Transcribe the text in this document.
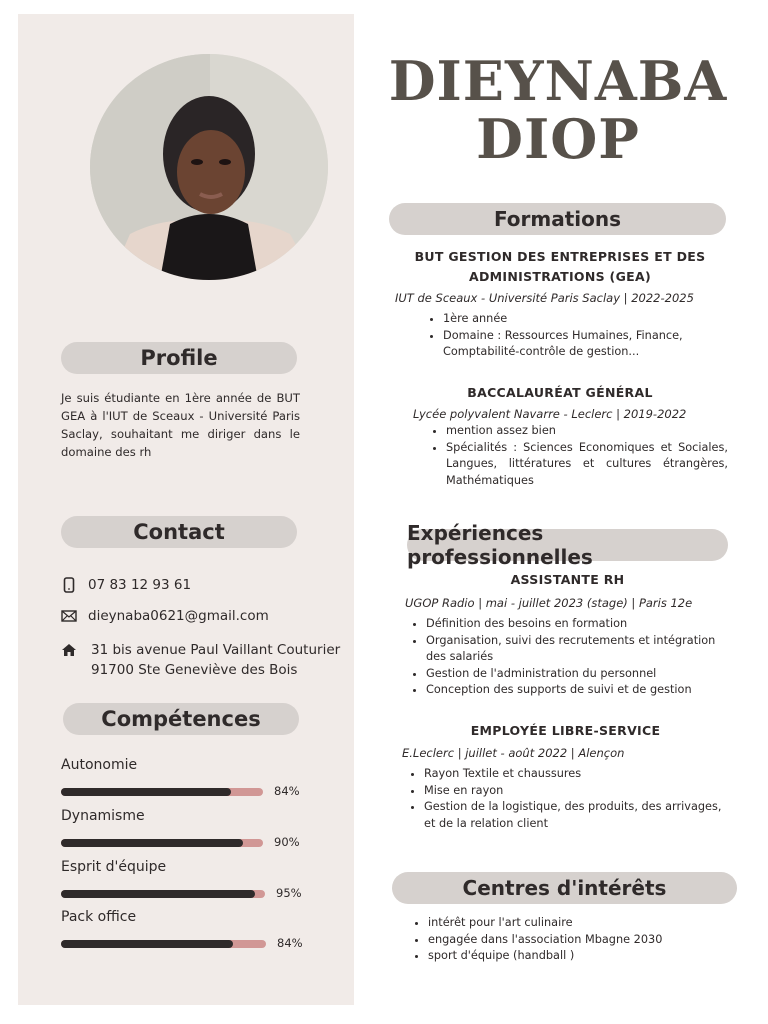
DIEYNABA
DIOP
Profile
Je suis étudiante en 1ère année de BUT GEA à l'IUT de Sceaux - Université Paris Saclay, souhaitant me diriger dans le domaine des rh
Contact
07 83 12 93 61
dieynaba0621@gmail.com
31 bis avenue Paul Vaillant Couturier
91700 Ste Geneviève des Bois
Compétences
Autonomie
84%
Dynamisme
90%
Esprit d'équipe
95%
Pack office
84%
Formations
BUT GESTION DES ENTREPRISES ET DES
ADMINISTRATIONS (GEA)
IUT de Sceaux - Université Paris Saclay | 2022-2025
• 1ère année
• Domaine : Ressources Humaines, Finance, Comptabilité-contrôle de gestion...
BACCALAURÉAT GÉNÉRAL
Lycée polyvalent Navarre - Leclerc | 2019-2022
• mention assez bien
• Spécialités : Sciences Economiques et Sociales, Langues, littératures et cultures étrangères, Mathématiques
Expériences professionnelles
ASSISTANTE RH
UGOP Radio | mai - juillet 2023 (stage) | Paris 12e
• Définition des besoins en formation
• Organisation, suivi des recrutements et intégration des salariés
• Gestion de l'administration du personnel
• Conception des supports de suivi et de gestion
EMPLOYÉE LIBRE-SERVICE
E.Leclerc | juillet - août 2022 | Alençon
• Rayon Textile et chaussures
• Mise en rayon
• Gestion de la logistique, des produits, des arrivages, et de la relation client
Centres d'intérêts
• intérêt pour l'art culinaire
• engagée dans l'association Mbagne 2030
• sport d'équipe (handball )
